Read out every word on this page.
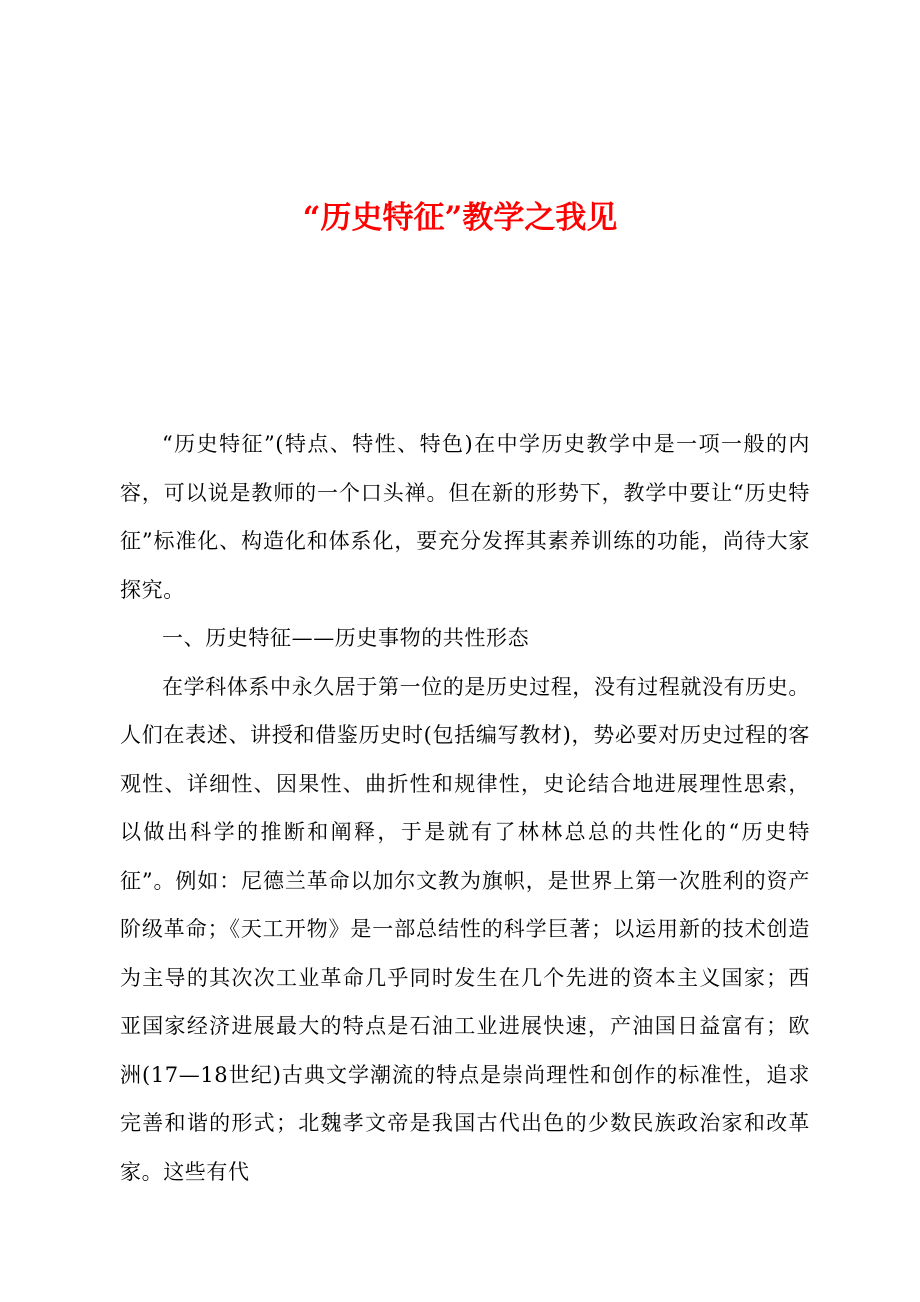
“历史特征”教学之我见

“历史特征”(特点、特性、特色)在中学历史教学中是一项一般的内容，可以说是教师的一个口头禅。但在新的形势下，教学中要让“历史特征”标准化、构造化和体系化，要充分发挥其素养训练的功能，尚待大家探究。

一、历史特征——历史事物的共性形态

在学科体系中永久居于第一位的是历史过程，没有过程就没有历史。人们在表述、讲授和借鉴历史时(包括编写教材)，势必要对历史过程的客观性、详细性、因果性、曲折性和规律性，史论结合地进展理性思索，以做出科学的推断和阐释，于是就有了林林总总的共性化的“历史特征”。例如：尼德兰革命以加尔文教为旗帜，是世界上第一次胜利的资产阶级革命；《天工开物》是一部总结性的科学巨著；以运用新的技术创造为主导的其次次工业革命几乎同时发生在几个先进的资本主义国家；西亚国家经济进展最大的特点是石油工业进展快速，产油国日益富有；欧洲(17—18世纪)古典文学潮流的特点是崇尚理性和创作的标准性，追求完善和谐的形式；北魏孝文帝是我国古代出色的少数民族政治家和改革家。这些有代
